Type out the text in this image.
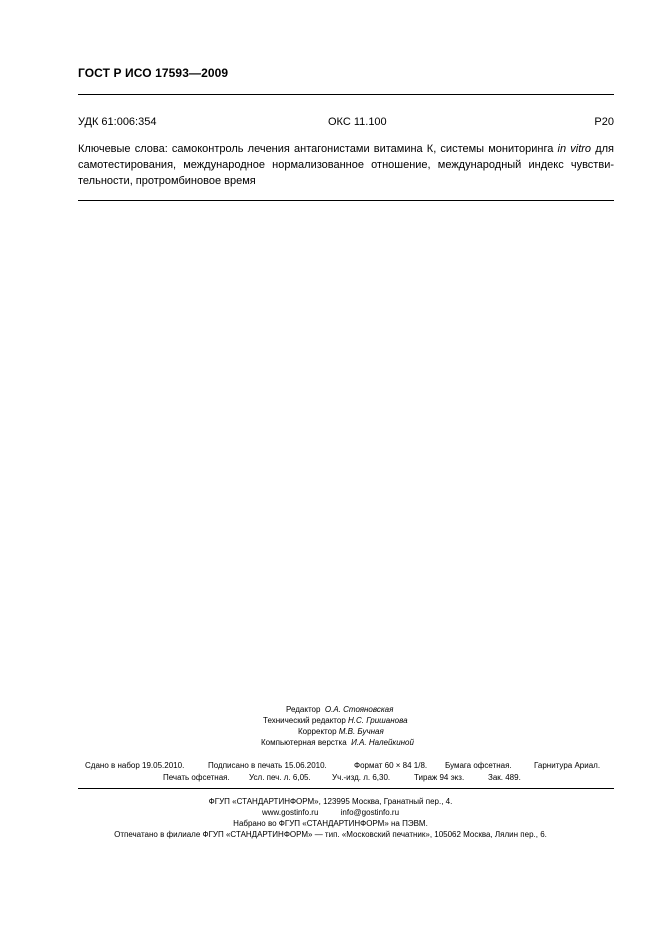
ГОСТ Р ИСО 17593—2009
УДК 61:006:354	ОКС 11.100	Р20
Ключевые слова: самоконтроль лечения антагонистами витамина К, системы мониторинга in vitro для
самотестирования, международное нормализованное отношение, международный индекс чувстви-
тельности, протромбиновое время
Редактор О.А. Стояновская
Технический редактор Н.С. Гришанова
Корректор М.В. Бучная
Компьютерная верстка И.А. Налейкиной
Сдано в набор 19.05.2010.	Подписано в печать 15.06.2010.	Формат 60 × 84 1/8. Бумага офсетная.	Гарнитура Ариал.
Печать офсетная. Усл. печ. л. 6,05.	Уч.-изд. л. 6,30.	Тираж 94 экз.	Зак. 489.
ФГУП «СТАНДАРТИНФОРМ», 123995 Москва, Гранатный пер., 4.
www.gostinfo.ru	info@gostinfo.ru
Набрано во ФГУП «СТАНДАРТИНФОРМ» на ПЭВМ.
Отпечатано в филиале ФГУП «СТАНДАРТИНФОРМ» — тип. «Московский печатник», 105062 Москва, Лялин пер., 6.
